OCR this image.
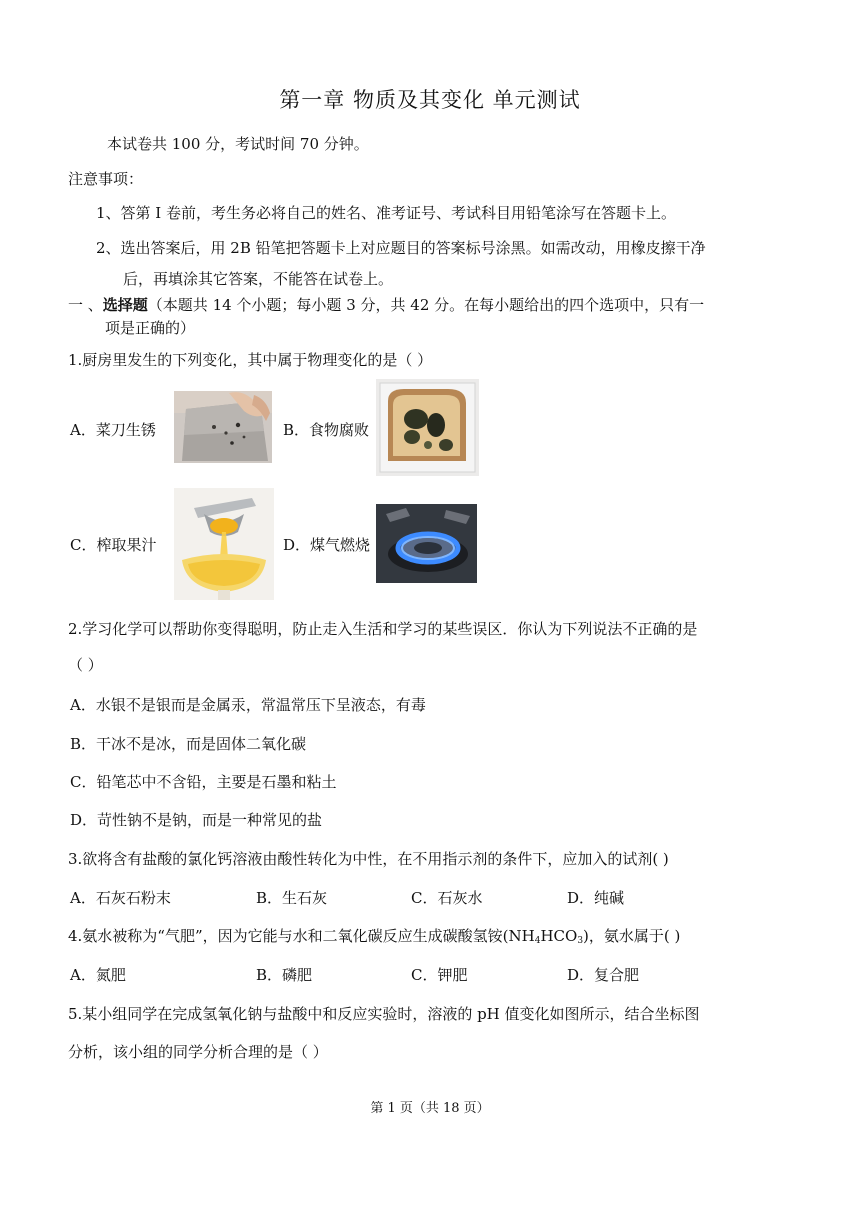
第一章 物质及其变化 单元测试
本试卷共 100 分，考试时间 70 分钟。
注意事项：
1、答第 I 卷前，考生务必将自己的姓名、准考证号、考试科目用铅笔涂写在答题卡上。
2、选出答案后，用 2B 铅笔把答题卡上对应题目的答案标号涂黑。如需改动，用橡皮擦干净
后，再填涂其它答案，不能答在试卷上。
一 、选择题（本题共 14 个小题；每小题 3 分，共 42 分。在每小题给出的四个选项中，只有一
项是正确的）
1.厨房里发生的下列变化，其中属于物理变化的是（ ）
A．菜刀生锈	B．食物腐败
C．榨取果汁	D．煤气燃烧
2.学习化学可以帮助你变得聪明，防止走入生活和学习的某些误区．你认为下列说法不正确的是
（ ）
A．水银不是银而是金属汞，常温常压下呈液态，有毒
B．干冰不是冰，而是固体二氧化碳
C．铅笔芯中不含铅，主要是石墨和粘土
D．苛性钠不是钠，而是一种常见的盐
3.欲将含有盐酸的氯化钙溶液由酸性转化为中性，在不用指示剂的条件下，应加入的试剂( )
A．石灰石粉末	B．生石灰	C．石灰水	D．纯碱
4.氨水被称为“气肥”，因为它能与水和二氧化碳反应生成碳酸氢铵$(NH_4HCO_3)$，氨水属于( )
A．氮肥	B．磷肥	C．钾肥	D．复合肥
5.某小组同学在完成氢氧化钠与盐酸中和反应实验时，溶液的 pH 值变化如图所示，结合坐标图
分析，该小组的同学分析合理的是（ ）
第 1 页（共 18 页）
